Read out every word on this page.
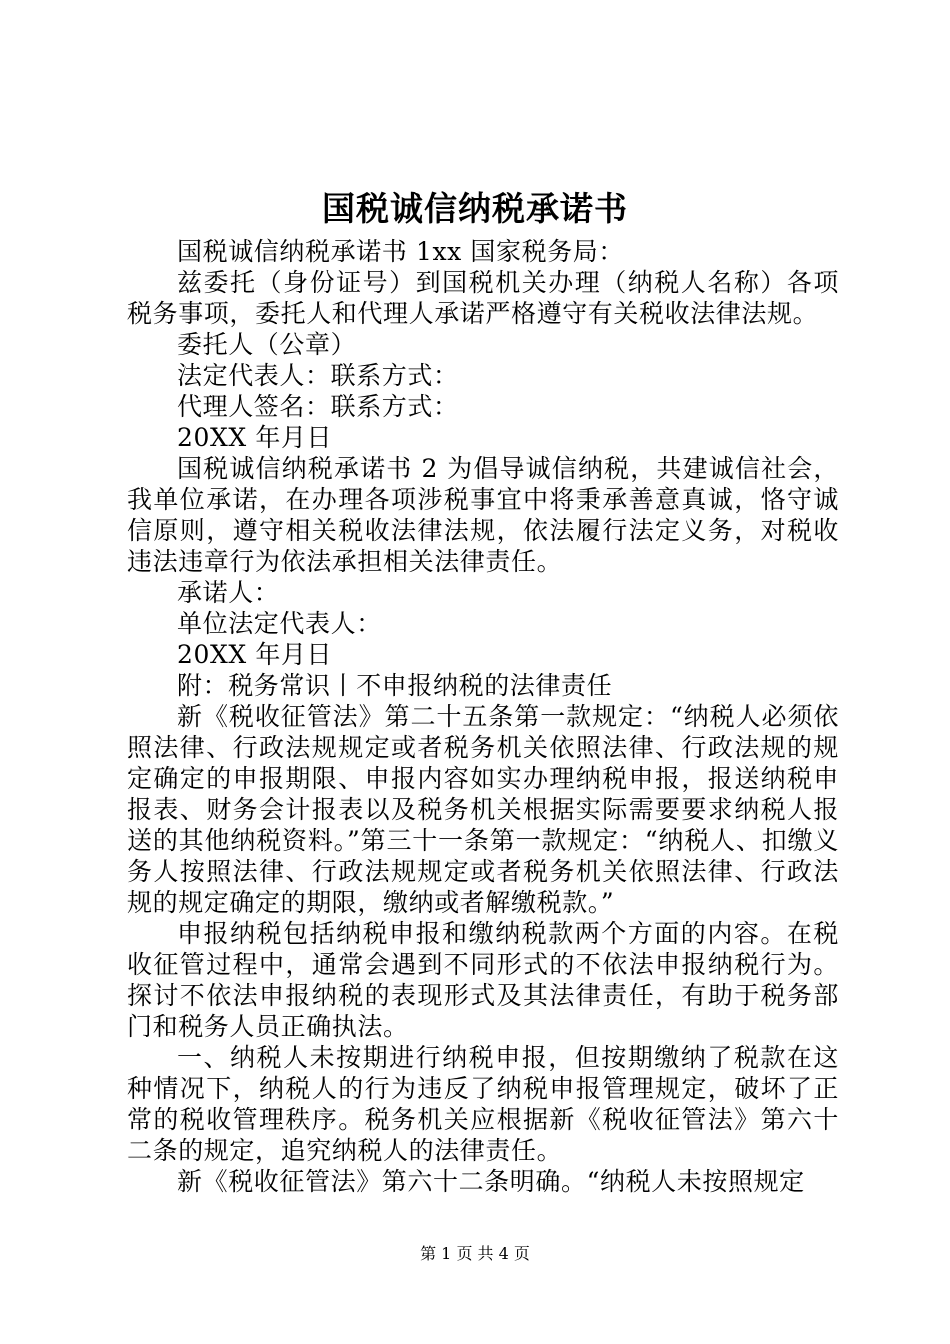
国税诚信纳税承诺书

国税诚信纳税承诺书 1xx 国家税务局：

兹委托（身份证号）到国税机关办理（纳税人名称）各项税务事项，委托人和代理人承诺严格遵守有关税收法律法规。

委托人（公章）

法定代表人：联系方式：

代理人签名：联系方式：

20XX 年月日

国税诚信纳税承诺书 2 为倡导诚信纳税，共建诚信社会，我单位承诺，在办理各项涉税事宜中将秉承善意真诚，恪守诚信原则，遵守相关税收法律法规，依法履行法定义务，对税收违法违章行为依法承担相关法律责任。

承诺人：

单位法定代表人：

20XX 年月日

附：税务常识丨不申报纳税的法律责任

新《税收征管法》第二十五条第一款规定：“纳税人必须依照法律、行政法规规定或者税务机关依照法律、行政法规的规定确定的申报期限、申报内容如实办理纳税申报，报送纳税申报表、财务会计报表以及税务机关根据实际需要要求纳税人报送的其他纳税资料。”第三十一条第一款规定：“纳税人、扣缴义务人按照法律、行政法规规定或者税务机关依照法律、行政法规的规定确定的期限，缴纳或者解缴税款。”

申报纳税包括纳税申报和缴纳税款两个方面的内容。在税收征管过程中，通常会遇到不同形式的不依法申报纳税行为。探讨不依法申报纳税的表现形式及其法律责任，有助于税务部门和税务人员正确执法。

一、纳税人未按期进行纳税申报，但按期缴纳了税款在这种情况下，纳税人的行为违反了纳税申报管理规定，破坏了正常的税收管理秩序。税务机关应根据新《税收征管法》第六十二条的规定，追究纳税人的法律责任。

新《税收征管法》第六十二条明确。“纳税人未按照规定

第 1 页 共 4 页
